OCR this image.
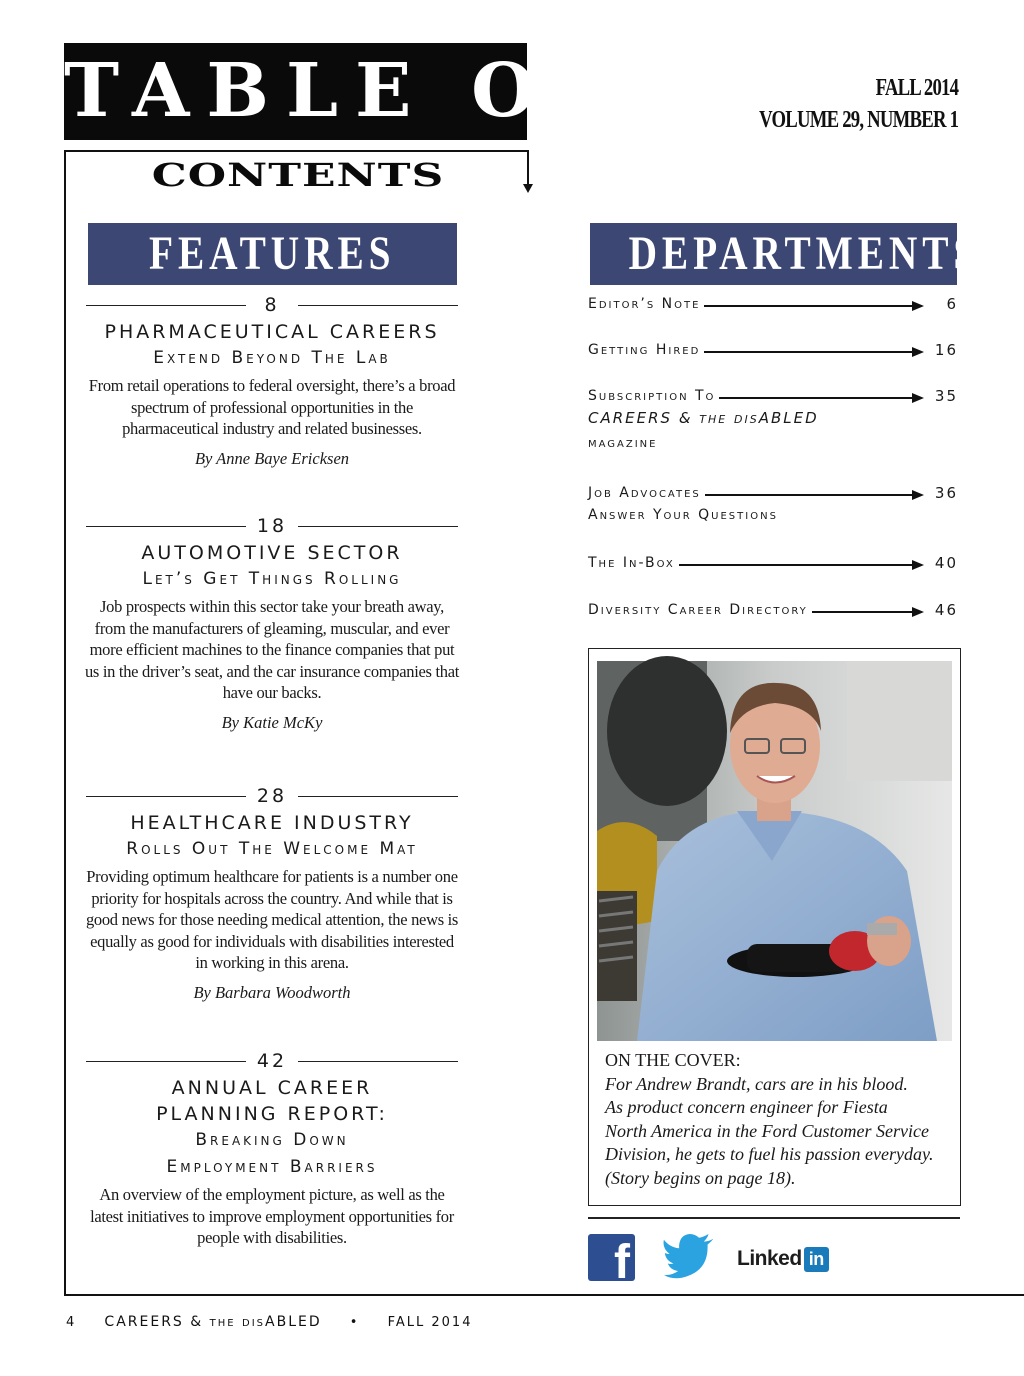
TABLE OF
CONTENTS
FALL 2014
VOLUME 29, NUMBER 1
FEATURES	DEPARTMENTS
8
PHARMACEUTICAL CAREERS
Extend Beyond The Lab
From retail operations to federal oversight, there’s a broad spectrum of professional opportunities in the pharmaceutical industry and related businesses.
By Anne Baye Ericksen
18
AUTOMOTIVE SECTOR
Let’s Get Things Rolling
Job prospects within this sector take your breath away, from the manufacturers of gleaming, muscular, and ever more efficient machines to the finance companies that put us in the driver’s seat, and the car insurance companies that have our backs.
By Katie McKy
28
HEALTHCARE INDUSTRY
Rolls Out The Welcome Mat
Providing optimum healthcare for patients is a number one priority for hospitals across the country. And while that is good news for those needing medical attention, the news is equally as good for individuals with disabilities interested in working in this arena.
By Barbara Woodworth
42
ANNUAL CAREER
PLANNING REPORT:
Breaking Down
Employment Barriers
An overview of the employment picture, as well as the latest initiatives to improve employment opportunities for people with disabilities.
Editor’s Note	6
Getting Hired	16
Subscription To	35
CAREERS & the disABLED
magazine
Job Advocates	36
Answer Your Questions
The In-Box	40
Diversity Career Directory	46
ON THE COVER:
For Andrew Brandt, cars are in his blood.
As product concern engineer for Fiesta
North America in the Ford Customer Service
Division, he gets to fuel his passion everyday.
(Story begins on page 18).
f	Linked in
4 CAREERS & the disABLED • FALL 2014
